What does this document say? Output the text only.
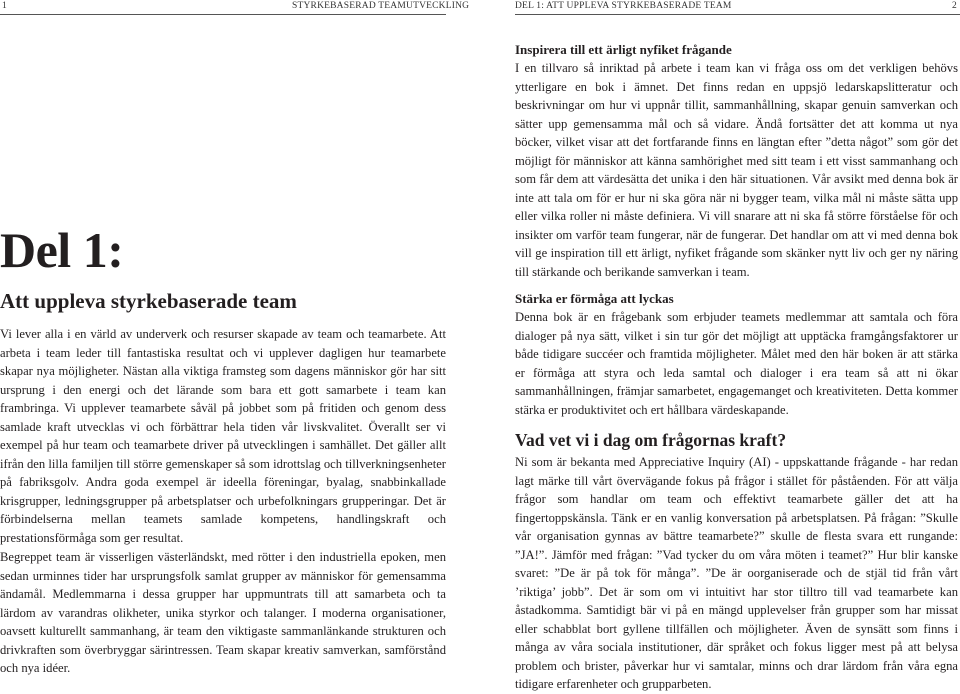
1	STYRKEBASERAD TEAMUTVECKLING	DEL 1: ATT UPPLEVA STYRKEBASERADE TEAM	2
Del 1:
Att uppleva styrkebaserade team

Vi lever alla i en värld av underverk och resurser skapade av team och teamarbete. Att arbeta i team leder till fantastiska resultat och vi upplever dagligen hur teamarbete skapar nya möjligheter. Nästan alla viktiga framsteg som dagens människor gör har sitt ursprung i den energi och det lärande som bara ett gott samarbete i team kan frambringa. Vi upplever teamarbete såväl på jobbet som på fritiden och genom dess samlade kraft utvecklas vi och förbättrar hela tiden vår livskvalitet. Överallt ser vi exempel på hur team och teamarbete driver på utvecklingen i samhället. Det gäller allt ifrån den lilla familjen till större gemenskaper så som idrottslag och tillverkningsenheter på fabriksgolv. Andra goda exempel är ideella föreningar, byalag, snabbinkallade krisgrupper, ledningsgrupper på arbetsplatser och urbefolkningars grupperingar. Det är förbindelserna mellan teamets samlade kompetens, handlingskraft och prestationsförmåga som ger resultat.

Begreppet team är visserligen västerländskt, med rötter i den industriella epoken, men sedan urminnes tider har ursprungsfolk samlat grupper av människor för gemensamma ändamål. Medlemmarna i dessa grupper har uppmuntrats till att samarbeta och ta lärdom av varandras olikheter, unika styrkor och talanger. I moderna organisationer, oavsett kulturellt sammanhang, är team den viktigaste sammanlänkande strukturen och drivkraften som överbryggar särintressen. Team skapar kreativ samverkan, samförstånd och nya idéer.

Inspirera till ett ärligt nyfiket frågande

I en tillvaro så inriktad på arbete i team kan vi fråga oss om det verkligen behövs ytterligare en bok i ämnet. Det finns redan en uppsjö ledarskapslitteratur och beskrivningar om hur vi uppnår tillit, sammanhållning, skapar genuin samverkan och sätter upp gemensamma mål och så vidare. Ändå fortsätter det att komma ut nya böcker, vilket visar att det fortfarande finns en längtan efter ”detta något” som gör det möjligt för människor att känna samhörighet med sitt team i ett visst sammanhang och som får dem att värdesätta det unika i den här situationen. Vår avsikt med denna bok är inte att tala om för er hur ni ska göra när ni bygger team, vilka mål ni måste sätta upp eller vilka roller ni måste definiera. Vi vill snarare att ni ska få större förståelse för och insikter om varför team fungerar, när de fungerar. Det handlar om att vi med denna bok vill ge inspiration till ett ärligt, nyfiket frågande som skänker nytt liv och ger ny näring till stärkande och berikande samverkan i team.

Stärka er förmåga att lyckas

Denna bok är en frågebank som erbjuder teamets medlemmar att samtala och föra dialoger på nya sätt, vilket i sin tur gör det möjligt att upptäcka framgångsfaktorer ur både tidigare succéer och framtida möjligheter. Målet med den här boken är att stärka er förmåga att styra och leda samtal och dialoger i era team så att ni ökar sammanhållningen, främjar samarbetet, engagemanget och kreativiteten. Detta kommer stärka er produktivitet och ert hållbara värdeskapande.

Vad vet vi i dag om frågornas kraft?

Ni som är bekanta med Appreciative Inquiry (AI) - uppskattande frågande - har redan lagt märke till vårt övervägande fokus på frågor i stället för påståenden. För att välja frågor som handlar om team och effektivt teamarbete gäller det att ha fingertoppskänsla. Tänk er en vanlig konversation på arbetsplatsen. På frågan: ”Skulle vår organisation gynnas av bättre teamarbete?” skulle de flesta svara ett rungande: ”JA!”. Jämför med frågan: ”Vad tycker du om våra möten i teamet?” Hur blir kanske svaret: ”De är på tok för många”. ”De är oorganiserade och de stjäl tid från vårt ’riktiga’ jobb”. Det är som om vi intuitivt har stor tilltro till vad teamarbete kan åstadkomma. Samtidigt bär vi på en mängd upplevelser från grupper som har missat eller schabblat bort gyllene tillfällen och möjligheter. Även de synsätt som finns i många av våra sociala institutioner, där språket och fokus ligger mest på att belysa problem och brister, påverkar hur vi samtalar, minns och drar lärdom från våra egna tidigare erfarenheter och grupparbeten.
